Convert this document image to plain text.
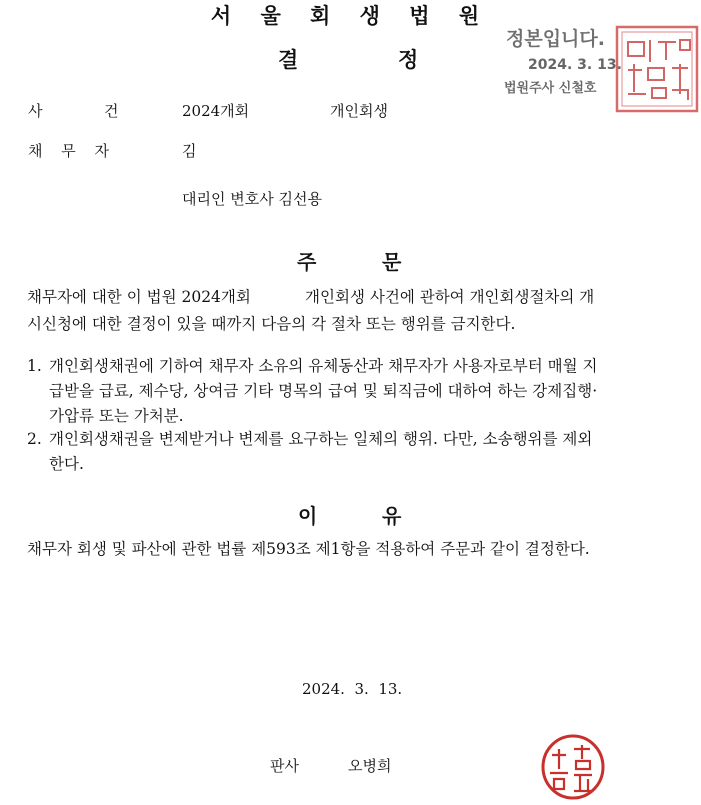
서 울 회 생 법 원
결	정
정본입니다.
2024. 3. 13.
법원주사 신철호
사	건	2024개회	개인회생
채 무 자	김
대리인 변호사 김선용
주	문
채무자에 대한 이 법원 2024개회           개인회생 사건에 관하여 개인회생절차의 개
시신청에 대한 결정이 있을 때까지 다음의 각 절차 또는 행위를 금지한다.
1. 개인회생채권에 기하여 채무자 소유의 유체동산과 채무자가 사용자로부터 매월 지
급받을 급료, 제수당, 상여금 기타 명목의 급여 및 퇴직금에 대하여 하는 강제집행·
가압류 또는 가처분.
2. 개인회생채권을 변제받거나 변제를 요구하는 일체의 행위. 다만, 소송행위를 제외
한다.
이	유
채무자 회생 및 파산에 관한 법률 제593조 제1항을 적용하여 주문과 같이 결정한다.
2024.  3.  13.
판사	오병희
